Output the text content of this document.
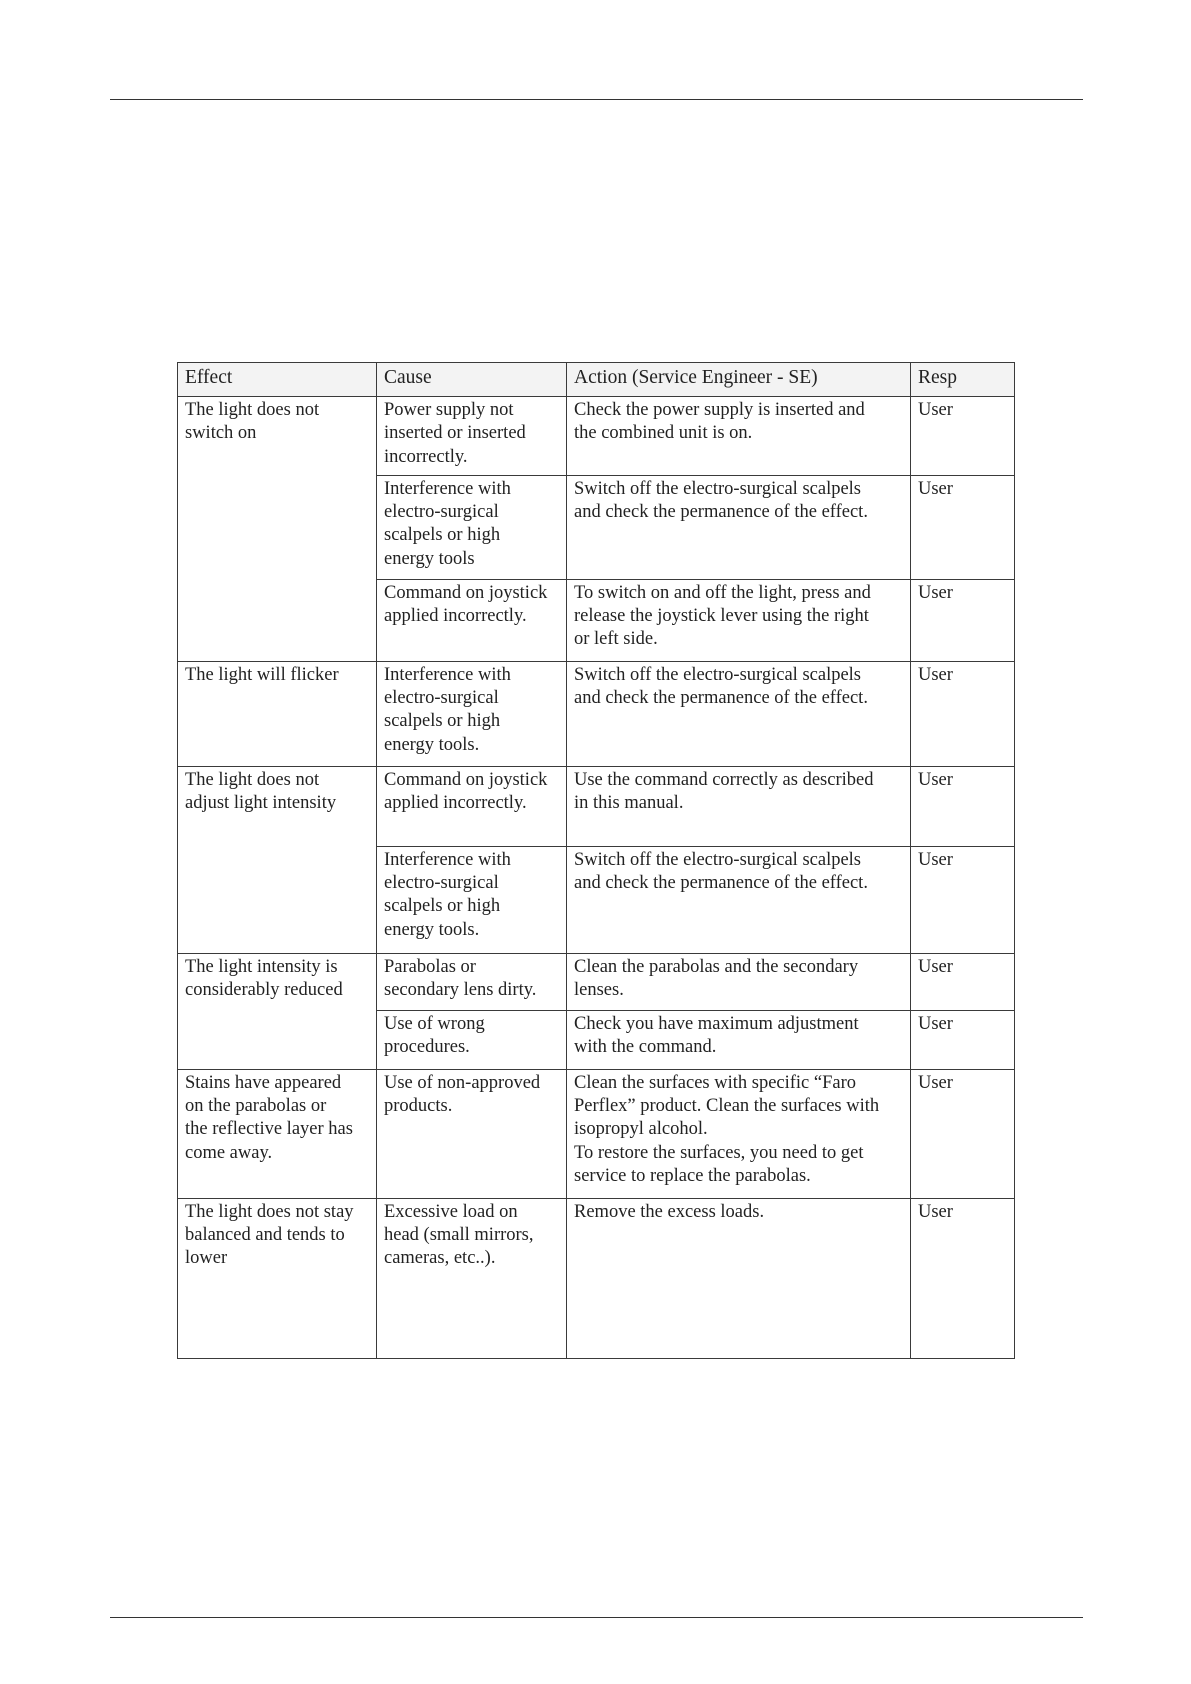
Effect	Cause	Action (Service Engineer - SE)	Resp
The light does not
switch on	Power supply not
inserted or inserted
incorrectly.	Check the power supply is inserted and
the combined unit is on.	User
	Interference with
electro-surgical
scalpels or high
energy tools	Switch off the electro-surgical scalpels
and check the permanence of the effect.	User
	Command on joystick
applied incorrectly.	To switch on and off the light, press and
release the joystick lever using the right
or left side.	User
The light will flicker	Interference with
electro-surgical
scalpels or high
energy tools.	Switch off the electro-surgical scalpels
and check the permanence of the effect.	User
The light does not
adjust light intensity	Command on joystick
applied incorrectly.	Use the command correctly as described
in this manual.	User
	Interference with
electro-surgical
scalpels or high
energy tools.	Switch off the electro-surgical scalpels
and check the permanence of the effect.	User
The light intensity is
considerably reduced	Parabolas or
secondary lens dirty.	Clean the parabolas and the secondary
lenses.	User
	Use of wrong
procedures.	Check you have maximum adjustment
with the command.	User
Stains have appeared
on the parabolas or
the reflective layer has
come away.	Use of non-approved
products.	Clean the surfaces with specific “Faro
Perflex” product. Clean the surfaces with
isopropyl alcohol.
To restore the surfaces, you need to get
service to replace the parabolas.	User
The light does not stay
balanced and tends to
lower	Excessive load on
head (small mirrors,
cameras, etc..).	Remove the excess loads.	User
